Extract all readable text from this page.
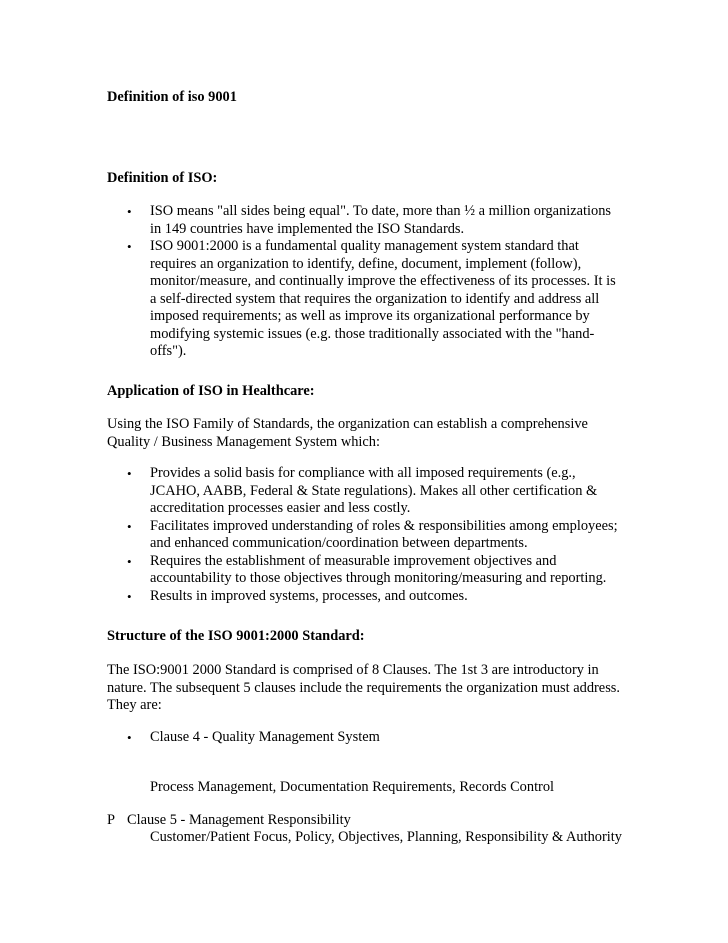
Definition of iso 9001
Definition of ISO:
• ISO means "all sides being equal". To date, more than ½ a million organizations
in 149 countries have implemented the ISO Standards.
• ISO 9001:2000 is a fundamental quality management system standard that
requires an organization to identify, define, document, implement (follow),
monitor/measure, and continually improve the effectiveness of its processes. It is
a self-directed system that requires the organization to identify and address all
imposed requirements; as well as improve its organizational performance by
modifying systemic issues (e.g. those traditionally associated with the "hand-
offs").
Application of ISO in Healthcare:
Using the ISO Family of Standards, the organization can establish a comprehensive
Quality / Business Management System which:
• Provides a solid basis for compliance with all imposed requirements (e.g.,
JCAHO, AABB, Federal & State regulations). Makes all other certification &
accreditation processes easier and less costly.
• Facilitates improved understanding of roles & responsibilities among employees;
and enhanced communication/coordination between departments.
• Requires the establishment of measurable improvement objectives and
accountability to those objectives through monitoring/measuring and reporting.
• Results in improved systems, processes, and outcomes.
Structure of the ISO 9001:2000 Standard:
The ISO:9001 2000 Standard is comprised of 8 Clauses. The 1st 3 are introductory in
nature. The subsequent 5 clauses include the requirements the organization must address.
They are:
• Clause 4 - Quality Management System
Process Management, Documentation Requirements, Records Control
P Clause 5 - Management Responsibility
Customer/Patient Focus, Policy, Objectives, Planning, Responsibility & Authority
